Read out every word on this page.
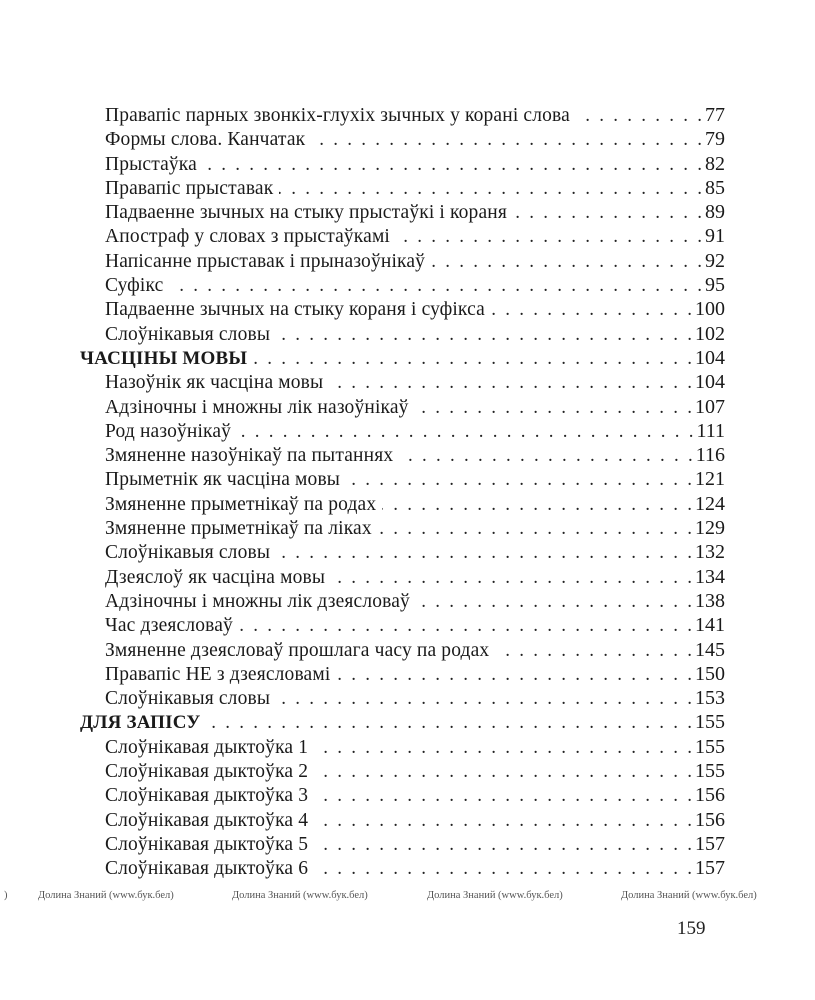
Правапіс парных звонкіх-глухіх зычных у корані слова . . .	77
Формы слова. Канчатак . . .	79
Прыстаўка . . .	82
Правапіс прыставак . . .	85
Падваенне зычных на стыку прыстаўкі і кораня . . .	89
Апостраф у словах з прыстаўкамі . . .	91
Напісанне прыставак і прыназоўнікаў . . .	92
Суфікс . . .	95
Падваенне зычных на стыку кораня і суфікса . . .	100
Слоўнікавыя словы . . .	102
ЧАСЦІНЫ МОВЫ . . .	104
Назоўнік як часціна мовы . . .	104
Адзіночны і множны лік назоўнікаў . . .	107
Род назоўнікаў . . .	111
Змяненне назоўнікаў па пытаннях . . .	116
Прыметнік як часціна мовы . . .	121
Змяненне прыметнікаў па родах . . .	124
Змяненне прыметнікаў па ліках . . .	129
Слоўнікавыя словы . . .	132
Дзеяслоў як часціна мовы . . .	134
Адзіночны і множны лік дзеясловаў . . .	138
Час дзеясловаў . . .	141
Змяненне дзеясловаў прошлага часу па родах . . .	145
Правапіс НЕ з дзеясловамі . . .	150
Слоўнікавыя словы . . .	153
ДЛЯ ЗАПІСУ . . .	155
Слоўнікавая дыктоўка 1 . . .	155
Слоўнікавая дыктоўка 2 . . .	155
Слоўнікавая дыктоўка 3 . . .	156
Слоўнікавая дыктоўка 4 . . .	156
Слоўнікавая дыктоўка 5 . . .	157
Слоўнікавая дыктоўка 6 . . .	157
)	Долина Знаний (www.бук.бел)	Долина Знаний (www.бук.бел)	Долина Знаний (www.бук.бел)	Долина Знаний (www.бук.бел)
159
